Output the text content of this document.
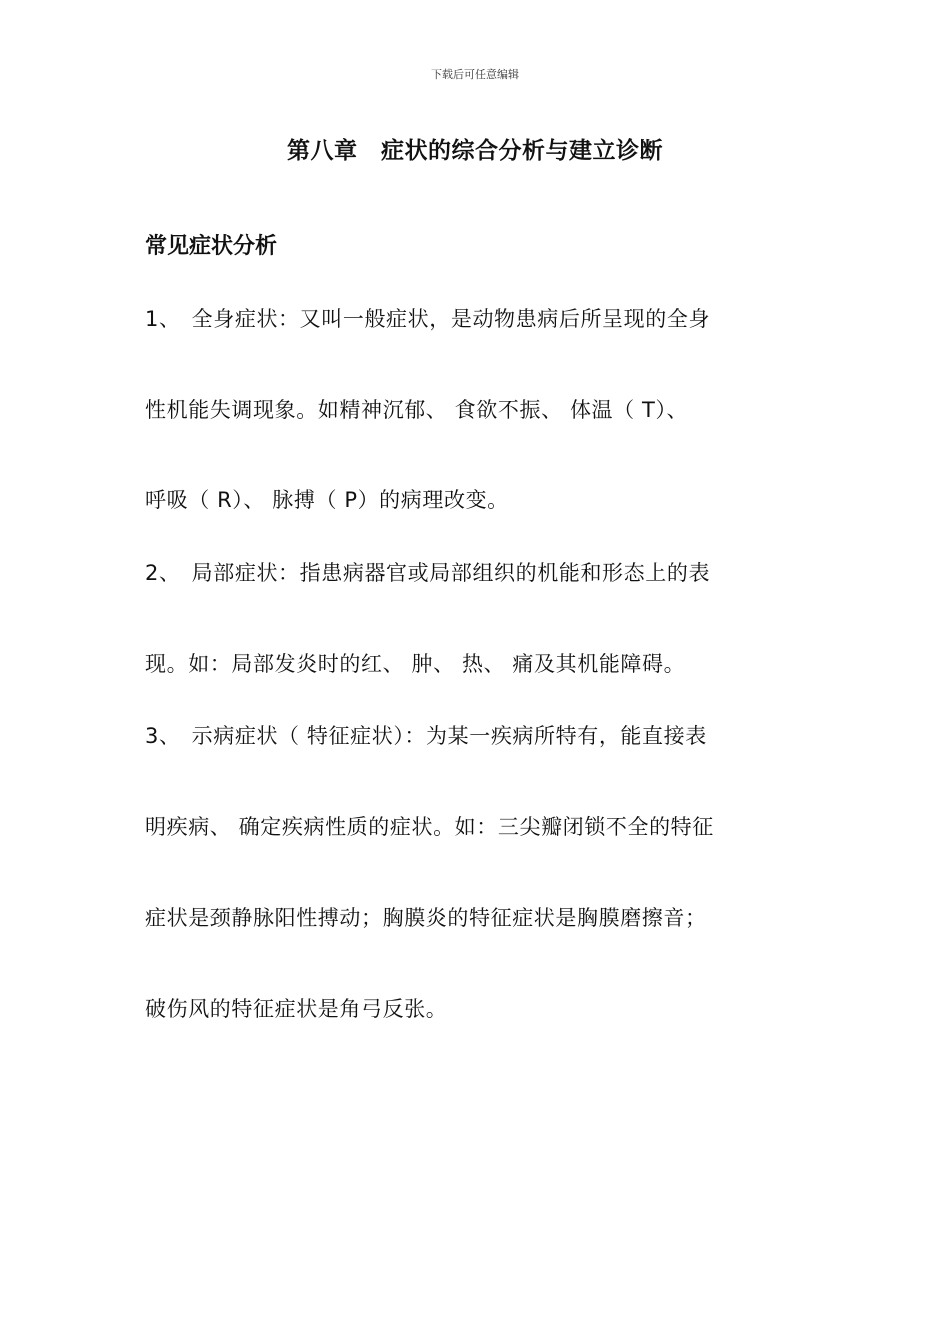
下载后可任意编辑
第八章　症状的综合分析与建立诊断
常见症状分析
1、　全身症状：又叫一般症状，是动物患病后所呈现的全身
性机能失调现象。如精神沉郁、 食欲不振、 体温（ T）、
呼吸（ R）、 脉搏（ P）的病理改变。
2、　局部症状：指患病器官或局部组织的机能和形态上的表
现。如：局部发炎时的红、 肿、 热、 痛及其机能障碍。
3、　示病症状（ 特征症状）：为某一疾病所特有，能直接表
明疾病、 确定疾病性质的症状。如：三尖瓣闭锁不全的特征
症状是颈静脉阳性搏动；胸膜炎的特征症状是胸膜磨擦音；
破伤风的特征症状是角弓反张。
